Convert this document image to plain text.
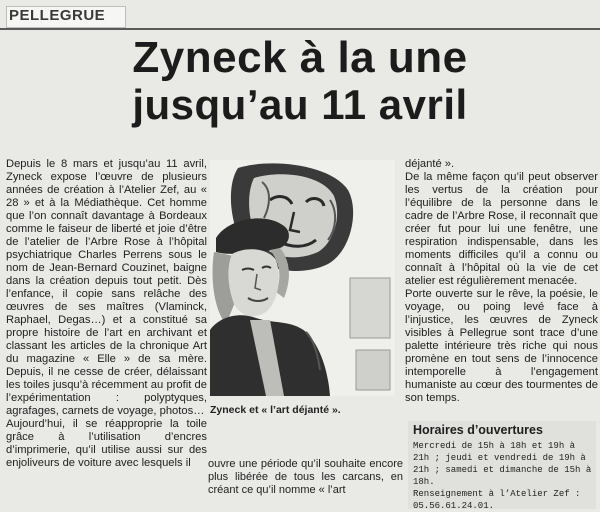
PELLEGRUE
Zyneck à la une
jusqu’au 11 avril

Depuis le 8 mars et jusqu’au 11 avril, Zyneck expose l’œuvre de plusieurs années de création à l’Atelier Zef, au « 28 » et à la Médiathèque. Cet homme que l’on connaît davantage à Bordeaux comme le faiseur de liberté et joie d’être de l’atelier de l’Arbre Rose à l’hôpital psychiatrique Charles Perrens sous le nom de Jean-Bernard Couzinet, baigne dans la création depuis tout petit. Dès l’enfance, il copie sans relâche des œuvres de ses maîtres (Vlaminck, Raphael, Degas…) et a constitué sa propre histoire de l’art en archivant et classant les articles de la chronique Art du magazine « Elle » de sa mère. Depuis, il ne cesse de créer, délaissant les toiles jusqu’à récemment au profit de l’expérimentation : polyptyques, agrafages, carnets de voyage, photos…

Aujourd’hui, il se réapproprie la toile grâce à l’utilisation d’encres d’imprimerie, qu’il utilise aussi sur des enjoliveurs de voiture avec lesquels il

Zyneck et « l’art déjanté ».
ouvre une période qu’il souhaite encore plus libérée de tous les carcans, en créant ce qu’il nomme « l’art

déjanté ».

De la même façon qu’il peut observer les vertus de la création pour l’équilibre de la personne dans le cadre de l’Arbre Rose, il reconnaît que créer fut pour lui une fenêtre, une respiration indispensable, dans les moments difficiles qu’il a connu ou connaît à l’hôpital où la vie de cet atelier est régulièrement menacée.

Porte ouverte sur le rêve, la poésie, le voyage, ou poing levé face à l’injustice, les œuvres de Zyneck visibles à Pellegrue sont trace d’une palette intérieure très riche qui nous promène en tout sens de l’innocence intemporelle à l’engagement humaniste au cœur des tourmentes de son temps.

Horaires d’ouvertures

Mercredi de 15h à 18h et 19h à 21h ; jeudi et vendredi de 19h à 21h ; samedi et dimanche de 15h à 18h.

Renseignement à l’Atelier Zef : 05.56.61.24.01.
